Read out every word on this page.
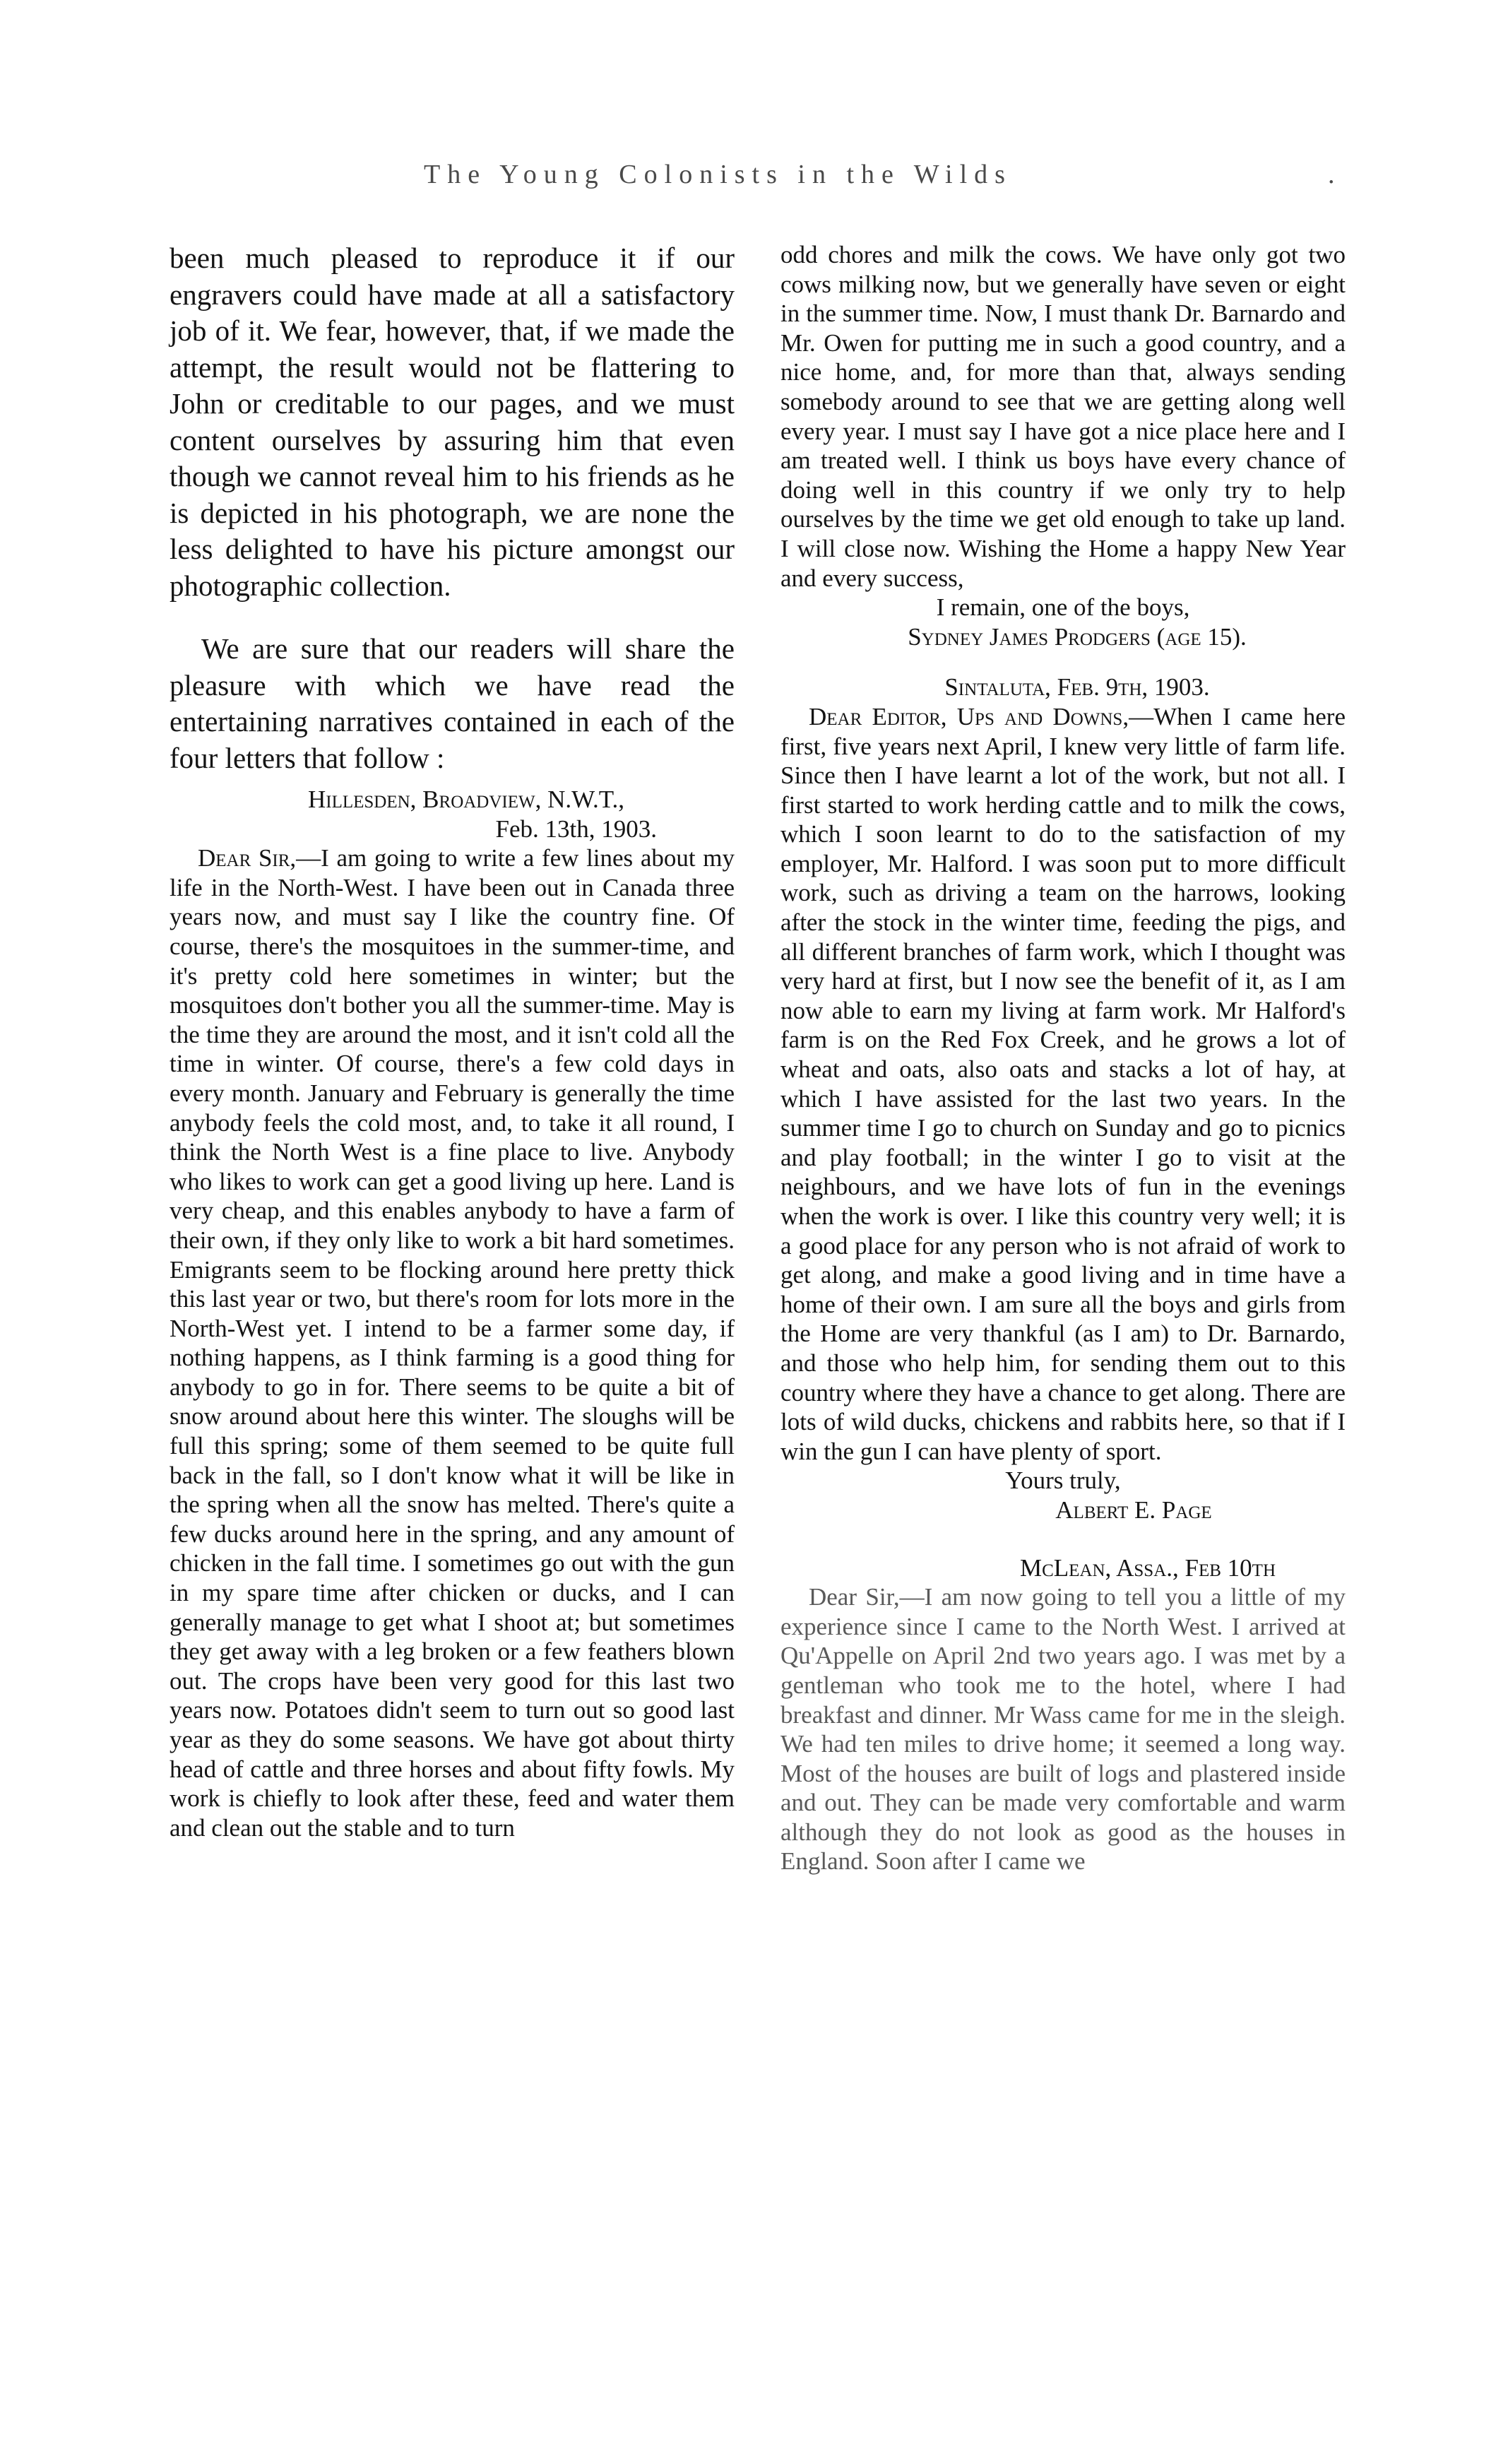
The Young Colonists in the Wilds	.

been much pleased to reproduce it if our engravers could have made at all a satisfactory job of it. We fear, however, that, if we made the attempt, the result would not be flattering to John or creditable to our pages, and we must content ourselves by assuring him that even though we cannot reveal him to his friends as he is depicted in his photograph, we are none the less delighted to have his picture amongst our photographic collection.

We are sure that our readers will share the pleasure with which we have read the entertaining narratives contained in each of the four letters that follow :

Hillesden, Broadview, N.W.T.,

Feb. 13th, 1903.

Dear Sir,—I am going to write a few lines about my life in the North-West. I have been out in Canada three years now, and must say I like the country fine. Of course, there's the mosquitoes in the summer-time, and it's pretty cold here sometimes in winter; but the mosquitoes don't bother you all the summer-time. May is the time they are around the most, and it isn't cold all the time in winter. Of course, there's a few cold days in every month. January and February is generally the time anybody feels the cold most, and, to take it all round, I think the North West is a fine place to live. Anybody who likes to work can get a good living up here. Land is very cheap, and this enables anybody to have a farm of their own, if they only like to work a bit hard sometimes. Emigrants seem to be flocking around here pretty thick this last year or two, but there's room for lots more in the North-West yet. I intend to be a farmer some day, if nothing happens, as I think farming is a good thing for anybody to go in for. There seems to be quite a bit of snow around about here this winter. The sloughs will be full this spring; some of them seemed to be quite full back in the fall, so I don't know what it will be like in the spring when all the snow has melted. There's quite a few ducks around here in the spring, and any amount of chicken in the fall time. I sometimes go out with the gun in my spare time after chicken or ducks, and I can generally manage to get what I shoot at; but sometimes they get away with a leg broken or a few feathers blown out. The crops have been very good for this last two years now. Potatoes didn't seem to turn out so good last year as they do some seasons. We have got about thirty head of cattle and three horses and about fifty fowls. My work is chiefly to look after these, feed and water them and clean out the stable and to turn

odd chores and milk the cows. We have only got two cows milking now, but we generally have seven or eight in the summer time. Now, I must thank Dr. Barnardo and Mr. Owen for putting me in such a good country, and a nice home, and, for more than that, always sending somebody around to see that we are getting along well every year. I must say I have got a nice place here and I am treated well. I think us boys have every chance of doing well in this country if we only try to help ourselves by the time we get old enough to take up land. I will close now. Wishing the Home a happy New Year and every success,

I remain, one of the boys,

Sydney James Prodgers (age 15).

Sintaluta, Feb. 9th, 1903.

Dear Editor, Ups and Downs,—When I came here first, five years next April, I knew very little of farm life. Since then I have learnt a lot of the work, but not all. I first started to work herding cattle and to milk the cows, which I soon learnt to do to the satisfaction of my employer, Mr. Halford. I was soon put to more difficult work, such as driving a team on the harrows, looking after the stock in the winter time, feeding the pigs, and all different branches of farm work, which I thought was very hard at first, but I now see the benefit of it, as I am now able to earn my living at farm work. Mr Halford's farm is on the Red Fox Creek, and he grows a lot of wheat and oats, also oats and stacks a lot of hay, at which I have assisted for the last two years. In the summer time I go to church on Sunday and go to picnics and play football; in the winter I go to visit at the neighbours, and we have lots of fun in the evenings when the work is over. I like this country very well; it is a good place for any person who is not afraid of work to get along, and make a good living and in time have a home of their own. I am sure all the boys and girls from the Home are very thankful (as I am) to Dr. Barnardo, and those who help him, for sending them out to this country where they have a chance to get along. There are lots of wild ducks, chickens and rabbits here, so that if I win the gun I can have plenty of sport.

Yours truly,

Albert E. Page

McLean, Assa., Feb 10th

Dear Sir,—I am now going to tell you a little of my experience since I came to the North West. I arrived at Qu'Appelle on April 2nd two years ago. I was met by a gentleman who took me to the hotel, where I had breakfast and dinner. Mr Wass came for me in the sleigh. We had ten miles to drive home; it seemed a long way. Most of the houses are built of logs and plastered inside and out. They can be made very comfortable and warm although they do not look as good as the houses in England. Soon after I came we
